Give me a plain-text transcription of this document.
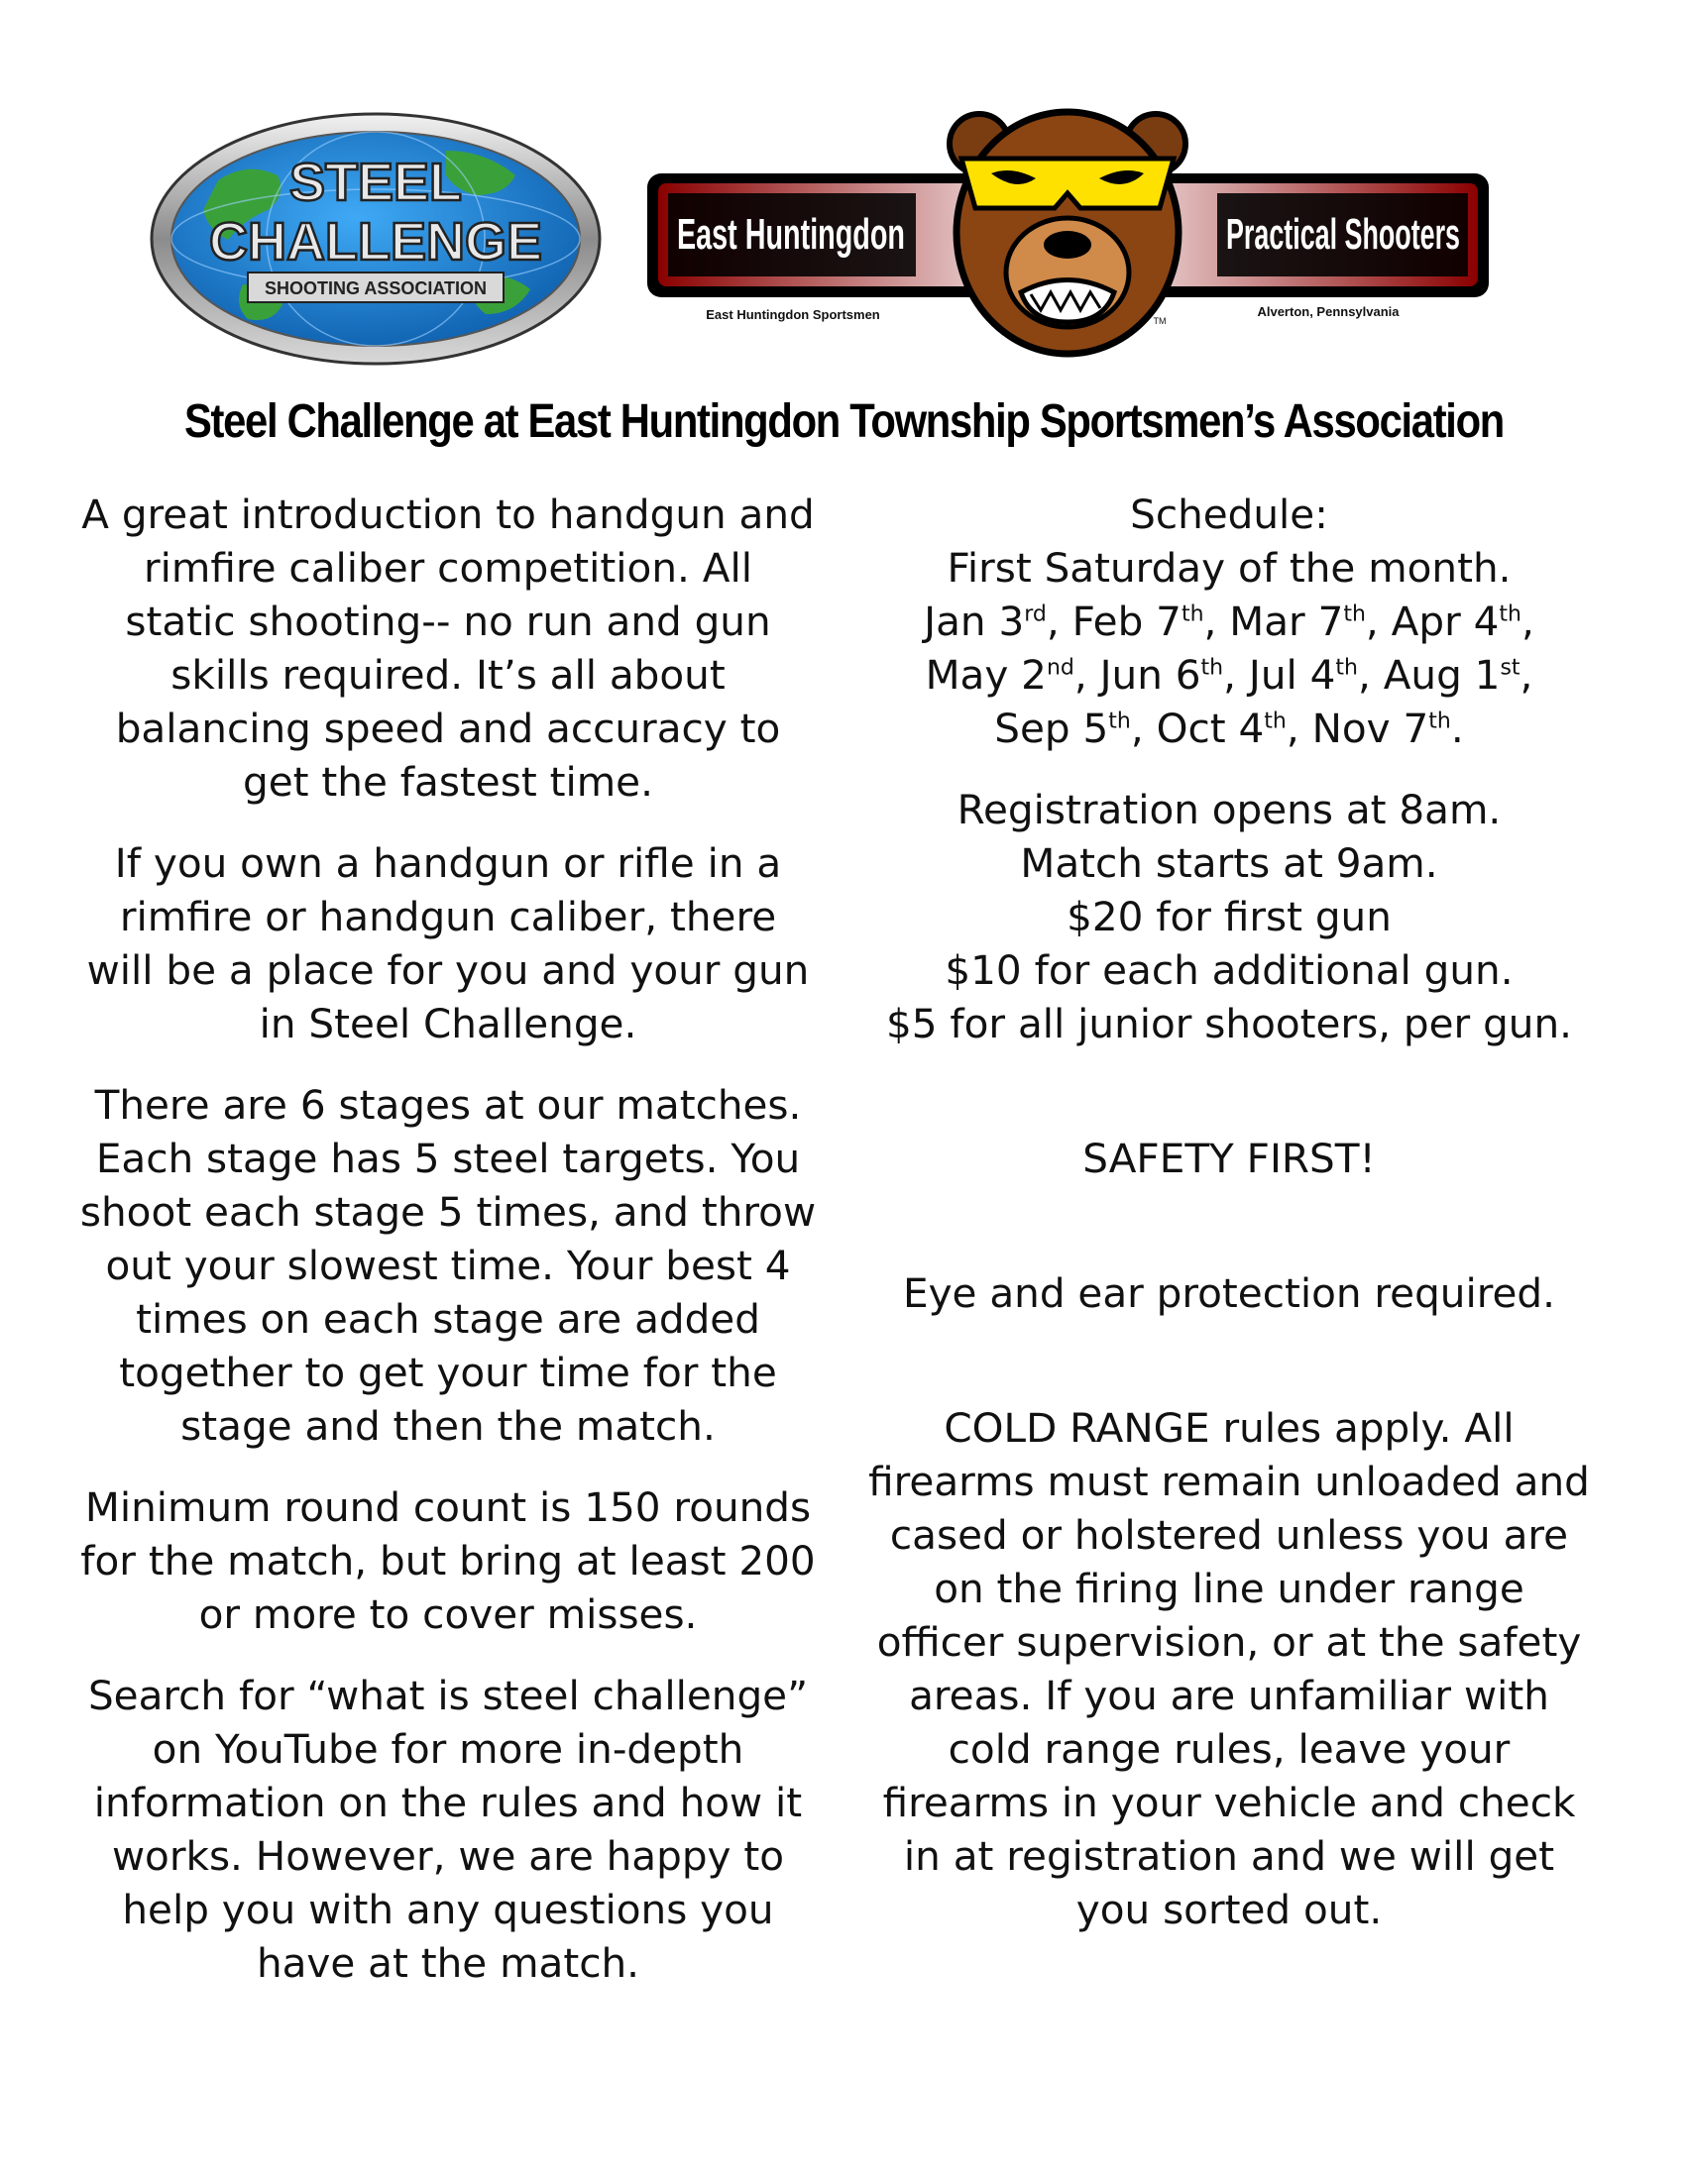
STEEL
CHALLENGE
SHOOTING ASSOCIATION
East Huntingdon	Practical Shooters
East Huntingdon Sportsmen	Alverton, Pennsylvania
TM
Steel Challenge at East Huntingdon Township Sportsmen’s Association

A great introduction to handgun and
rimfire caliber competition. All
static shooting-- no run and gun
skills required. It’s all about
balancing speed and accuracy to
get the fastest time.

If you own a handgun or rifle in a
rimfire or handgun caliber, there
will be a place for you and your gun
in Steel Challenge.

There are 6 stages at our matches.
Each stage has 5 steel targets. You
shoot each stage 5 times, and throw
out your slowest time. Your best 4
times on each stage are added
together to get your time for the
stage and then the match.

Minimum round count is 150 rounds
for the match, but bring at least 200
or more to cover misses.

Search for “what is steel challenge”
on YouTube for more in-depth
information on the rules and how it
works. However, we are happy to
help you with any questions you
have at the match.

Schedule:
First Saturday of the month.
Jan 3rd, Feb 7th, Mar 7th, Apr 4th,
May 2nd, Jun 6th, Jul 4th, Aug 1st,
Sep 5th, Oct 4th, Nov 7th.

Registration opens at 8am.
Match starts at 9am.
$20 for first gun
$10 for each additional gun.
$5 for all junior shooters, per gun.

SAFETY FIRST!

Eye and ear protection required.

COLD RANGE rules apply. All
firearms must remain unloaded and
cased or holstered unless you are
on the firing line under range
officer supervision, or at the safety
areas. If you are unfamiliar with
cold range rules, leave your
firearms in your vehicle and check
in at registration and we will get
you sorted out.
